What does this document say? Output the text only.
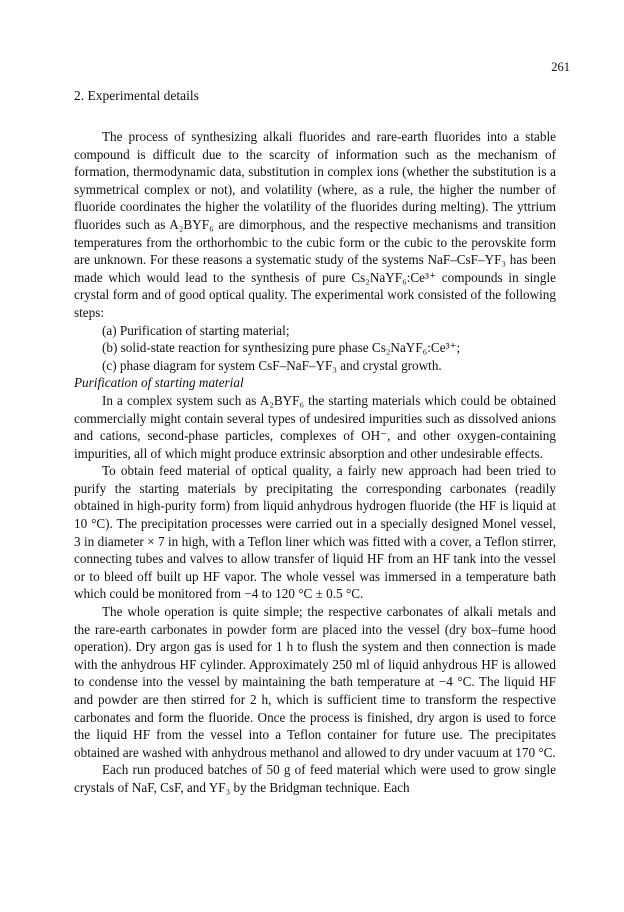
261
2. Experimental details

The process of synthesizing alkali fluorides and rare-earth fluorides into a stable compound is difficult due to the scarcity of information such as the mechanism of formation, thermodynamic data, substitution in complex ions (whether the substitution is a symmetrical complex or not), and volatility (where, as a rule, the higher the number of fluoride coordinates the higher the volatility of the fluorides during melting). The yttrium fluorides such as A₂BYF₆ are dimorphous, and the respective mechanisms and transition temperatures from the orthorhombic to the cubic form or the cubic to the perovskite form are unknown. For these reasons a systematic study of the systems NaF–CsF–YF₃ has been made which would lead to the synthesis of pure Cs₂NaYF₆:Ce³⁺ compounds in single crystal form and of good optical quality. The experimental work consisted of the following steps:

(a) Purification of starting material;
(b) solid-state reaction for synthesizing pure phase Cs₂NaYF₆:Ce³⁺;
(c) phase diagram for system CsF–NaF–YF₃ and crystal growth.

Purification of starting material

In a complex system such as A₂BYF₆ the starting materials which could be obtained commercially might contain several types of undesired impurities such as dissolved anions and cations, second-phase particles, complexes of OH⁻, and other oxygen-containing impurities, all of which might produce extrinsic absorption and other undesirable effects.

To obtain feed material of optical quality, a fairly new approach had been tried to purify the starting materials by precipitating the corresponding carbonates (readily obtained in high-purity form) from liquid anhydrous hydrogen fluoride (the HF is liquid at 10 °C). The precipitation processes were carried out in a specially designed Monel vessel, 3 in diameter × 7 in high, with a Teflon liner which was fitted with a cover, a Teflon stirrer, connecting tubes and valves to allow transfer of liquid HF from an HF tank into the vessel or to bleed off built up HF vapor. The whole vessel was immersed in a temperature bath which could be monitored from −4 to 120 °C ± 0.5 °C.

The whole operation is quite simple; the respective carbonates of alkali metals and the rare-earth carbonates in powder form are placed into the vessel (dry box–fume hood operation). Dry argon gas is used for 1 h to flush the system and then connection is made with the anhydrous HF cylinder. Approximately 250 ml of liquid anhydrous HF is allowed to condense into the vessel by maintaining the bath temperature at −4 °C. The liquid HF and powder are then stirred for 2 h, which is sufficient time to transform the respective carbonates and form the fluoride. Once the process is finished, dry argon is used to force the liquid HF from the vessel into a Teflon container for future use. The precipitates obtained are washed with anhydrous methanol and allowed to dry under vacuum at 170 °C.

Each run produced batches of 50 g of feed material which were used to grow single crystals of NaF, CsF, and YF₃ by the Bridgman technique. Each
